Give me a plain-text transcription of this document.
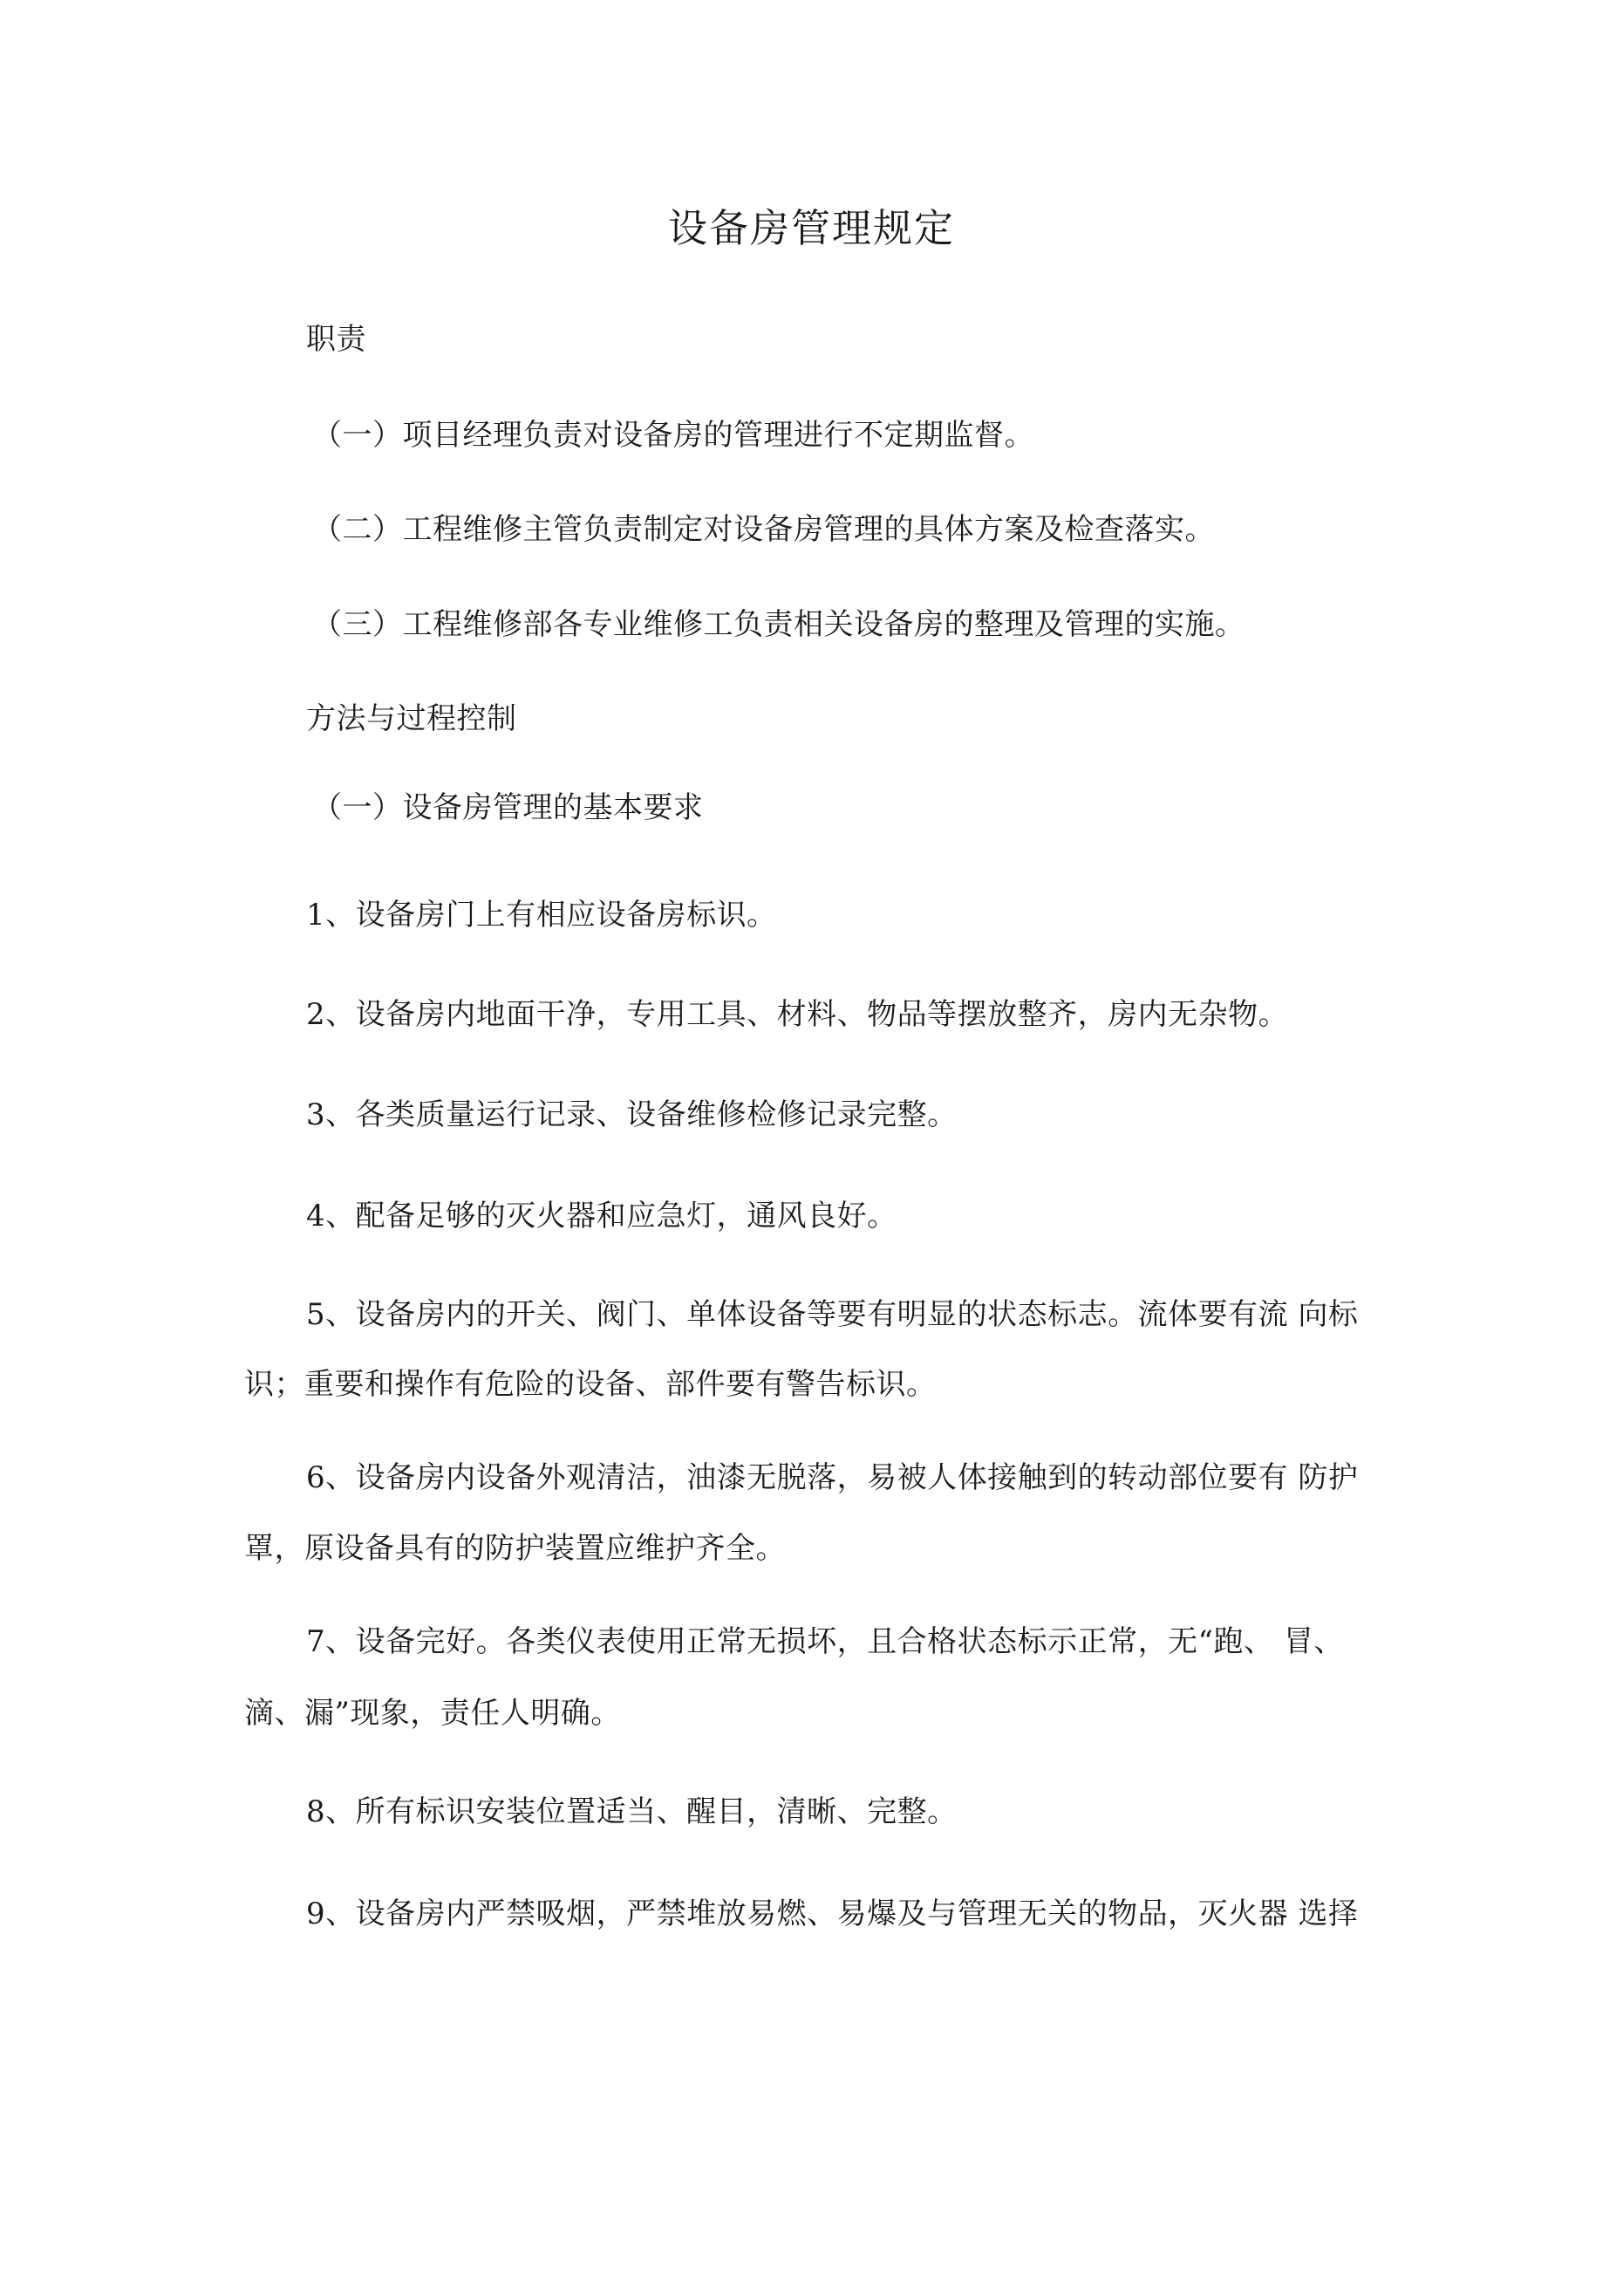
设备房管理规定
职责
（一）项目经理负责对设备房的管理进行不定期监督。
（二）工程维修主管负责制定对设备房管理的具体方案及检查落实。
（三）工程维修部各专业维修工负责相关设备房的整理及管理的实施。
方法与过程控制
（一）设备房管理的基本要求
1、设备房门上有相应设备房标识。
2、设备房内地面干净，专用工具、材料、物品等摆放整齐，房内无杂物。
3、各类质量运行记录、设备维修检修记录完整。
4、配备足够的灭火器和应急灯，通风良好。
5、设备房内的开关、阀门、单体设备等要有明显的状态标志。流体要有流 向标
识；重要和操作有危险的设备、部件要有警告标识。
6、设备房内设备外观清洁，油漆无脱落，易被人体接触到的转动部位要有 防护
罩，原设备具有的防护装置应维护齐全。
7、设备完好。各类仪表使用正常无损坏，且合格状态标示正常，无“跑、 冒、
滴、漏”现象，责任人明确。
8、所有标识安装位置适当、醒目，清晰、完整。
9、设备房内严禁吸烟，严禁堆放易燃、易爆及与管理无关的物品，灭火器 选择
